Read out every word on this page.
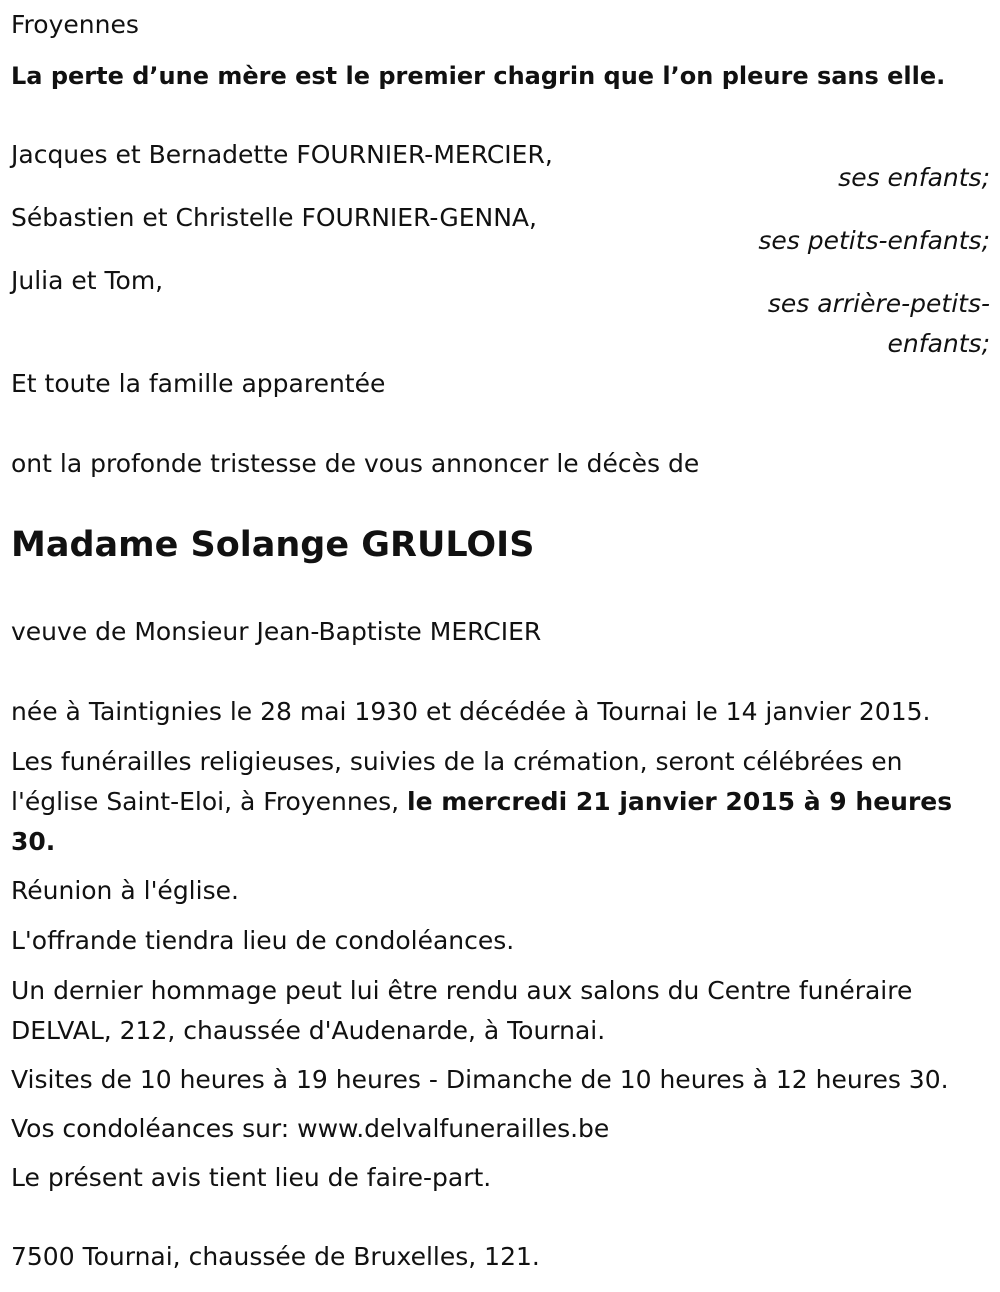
Froyennes
La perte d’une mère est le premier chagrin que l’on pleure sans elle.
Jacques et Bernadette FOURNIER-MERCIER,
ses enfants;
Sébastien et Christelle FOURNIER-GENNA,
ses petits-enfants;
Julia et Tom,
ses arrière-petits-
enfants;
Et toute la famille apparentée
ont la profonde tristesse de vous annoncer le décès de
Madame Solange GRULOIS
veuve de Monsieur Jean-Baptiste MERCIER
née à Taintignies le 28 mai 1930 et décédée à Tournai le 14 janvier 2015.
Les funérailles religieuses, suivies de la crémation, seront célébrées en l'église Saint-Eloi, à Froyennes, le mercredi 21 janvier 2015 à 9 heures 30.
Réunion à l'église.
L'offrande tiendra lieu de condoléances.
Un dernier hommage peut lui être rendu aux salons du Centre funéraire DELVAL, 212, chaussée d'Audenarde, à Tournai.
Visites de 10 heures à 19 heures - Dimanche de 10 heures à 12 heures 30.
Vos condoléances sur: www.delvalfunerailles.be
Le présent avis tient lieu de faire-part.
7500 Tournai, chaussée de Bruxelles, 121.
